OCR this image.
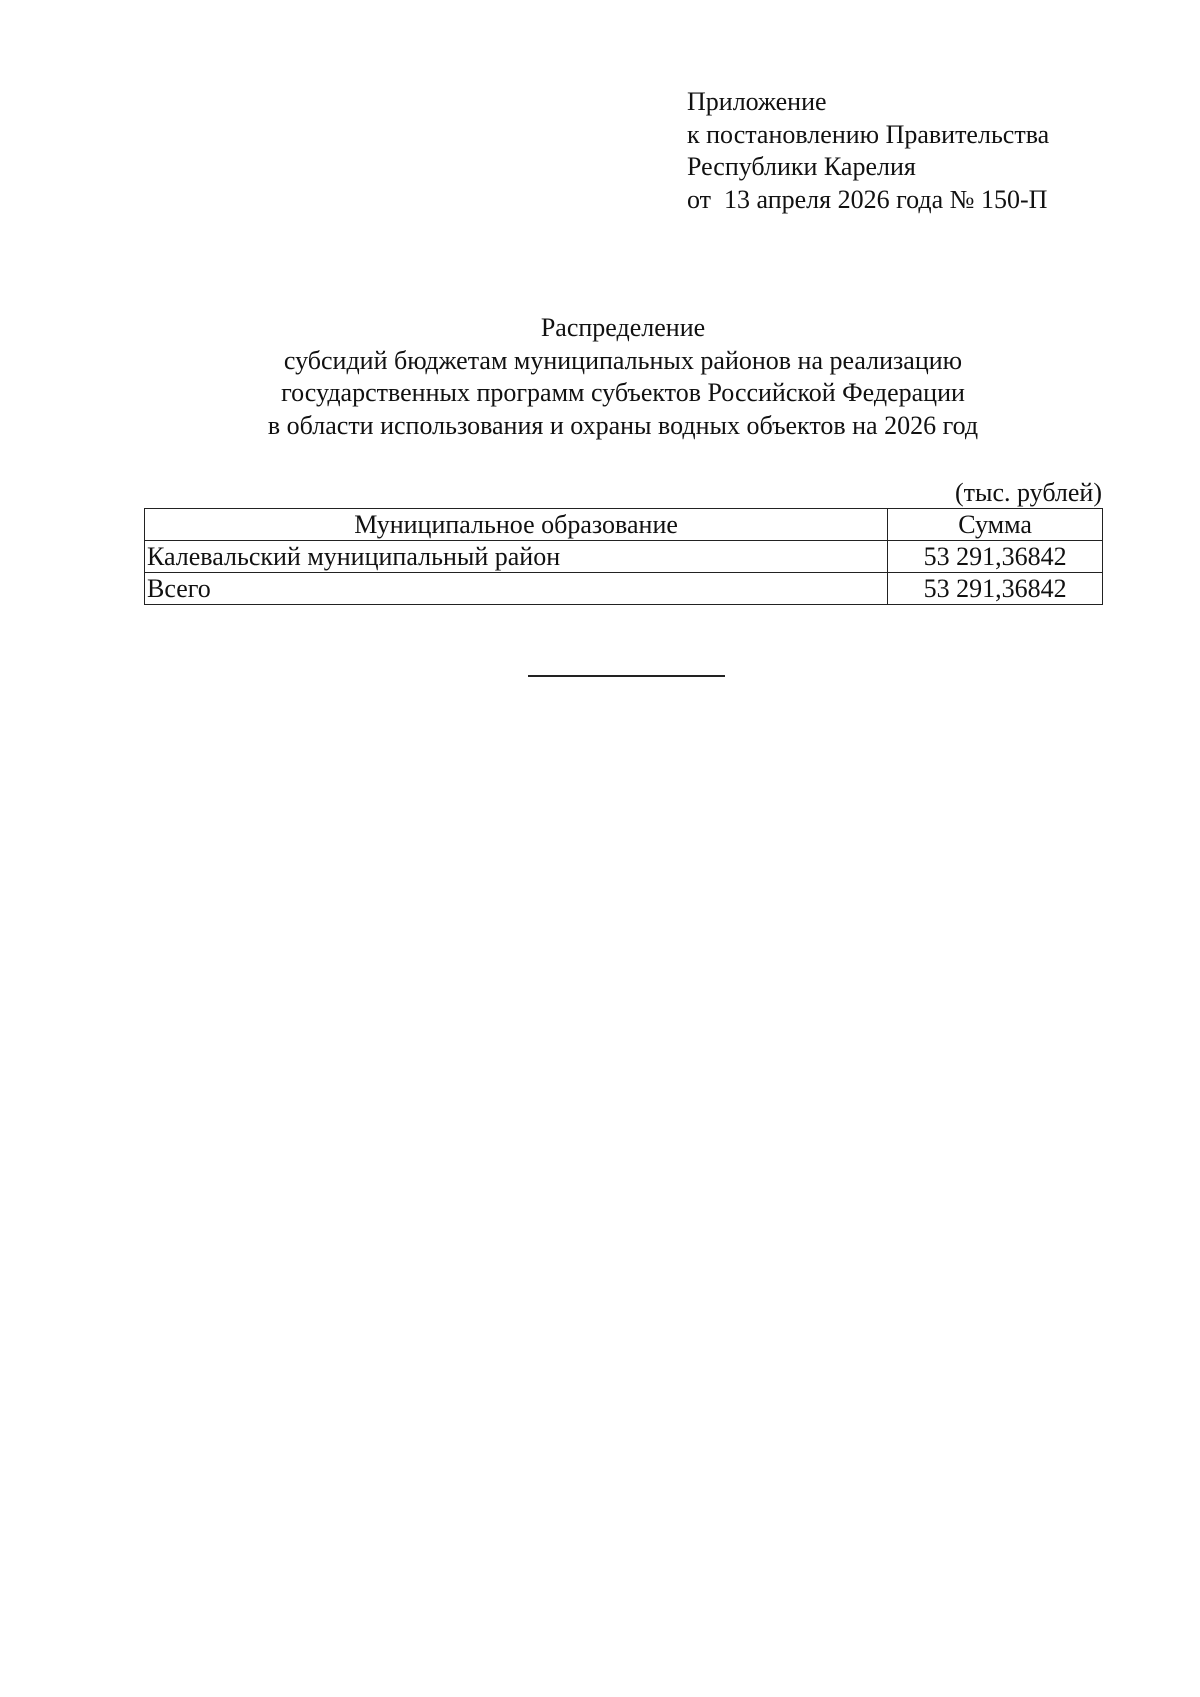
Приложение
к постановлению Правительства
Республики Карелия
от  13 апреля 2026 года № 150-П
Распределение
субсидий бюджетам муниципальных районов на реализацию
государственных программ субъектов Российской Федерации
в области использования и охраны водных объектов на 2026 год
(тыс. рублей)
Муниципальное образование	Сумма
Калевальский муниципальный район	53 291,36842
Всего	53 291,36842
